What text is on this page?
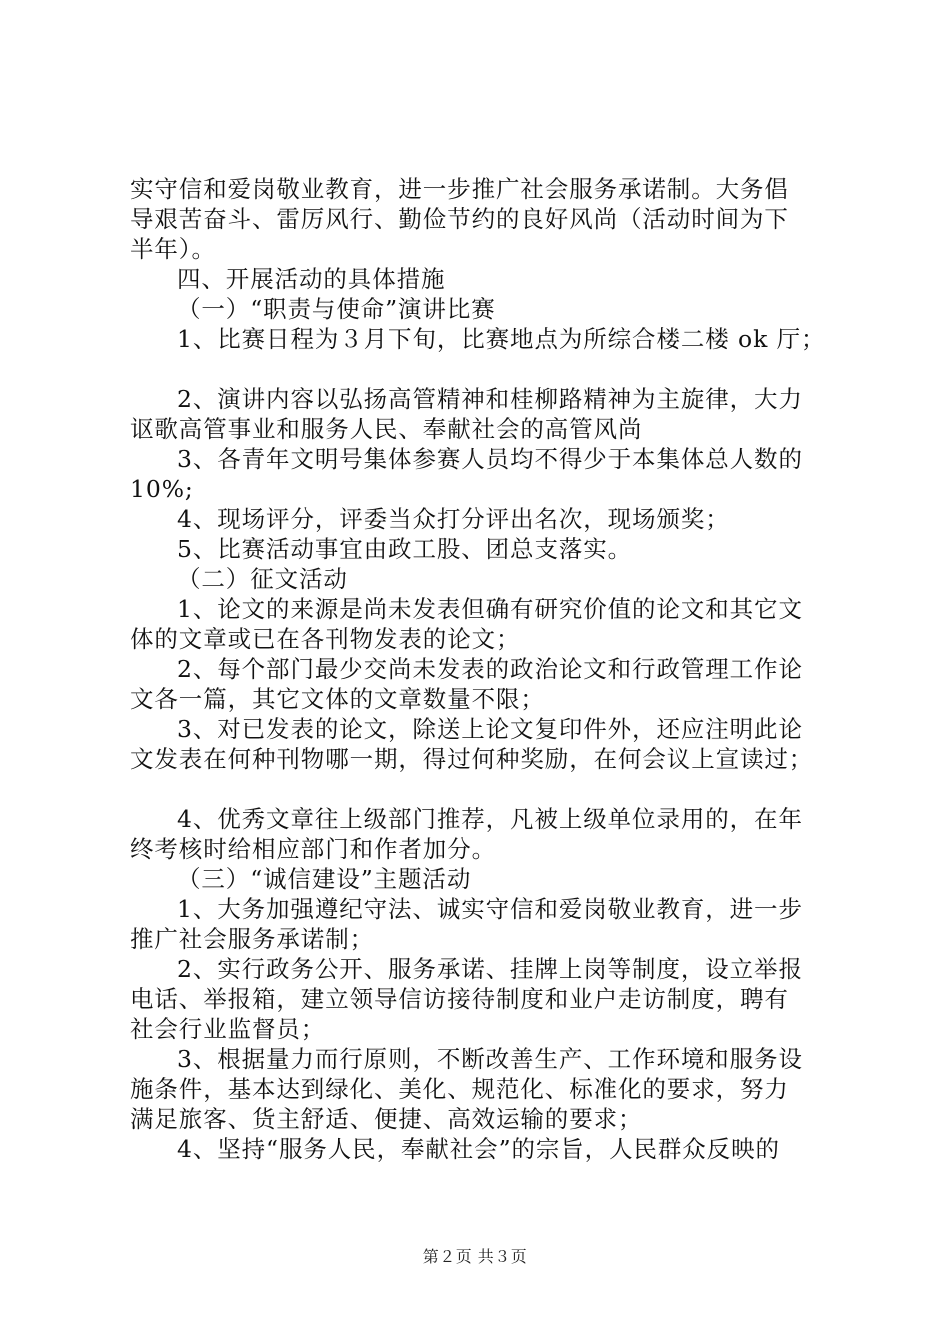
实守信和爱岗敬业教育，进一步推广社会服务承诺制。大务倡
导艰苦奋斗、雷厉风行、勤俭节约的良好风尚（活动时间为下
半年）。
四、开展活动的具体措施
（一）“职责与使命”演讲比赛
1、比赛日程为３月下旬，比赛地点为所综合楼二楼 ok 厅；
2、演讲内容以弘扬高管精神和桂柳路精神为主旋律，大力
讴歌高管事业和服务人民、奉献社会的高管风尚
3、各青年文明号集体参赛人员均不得少于本集体总人数的
10%;
4、现场评分，评委当众打分评出名次，现场颁奖；
5、比赛活动事宜由政工股、团总支落实。
（二）征文活动
1、论文的来源是尚未发表但确有研究价值的论文和其它文
体的文章或已在各刊物发表的论文；
2、每个部门最少交尚未发表的政治论文和行政管理工作论
文各一篇，其它文体的文章数量不限；
3、对已发表的论文，除送上论文复印件外，还应注明此论
文发表在何种刊物哪一期，得过何种奖励，在何会议上宣读过；
4、优秀文章往上级部门推荐，凡被上级单位录用的，在年
终考核时给相应部门和作者加分。
（三）“诚信建设”主题活动
1、大务加强遵纪守法、诚实守信和爱岗敬业教育，进一步
推广社会服务承诺制；
2、实行政务公开、服务承诺、挂牌上岗等制度，设立举报
电话、举报箱，建立领导信访接待制度和业户走访制度，聘有
社会行业监督员；
3、根据量力而行原则，不断改善生产、工作环境和服务设
施条件，基本达到绿化、美化、规范化、标准化的要求，努力
满足旅客、货主舒适、便捷、高效运输的要求；
4、坚持“服务人民，奉献社会”的宗旨，人民群众反映的
第２页 共３页
